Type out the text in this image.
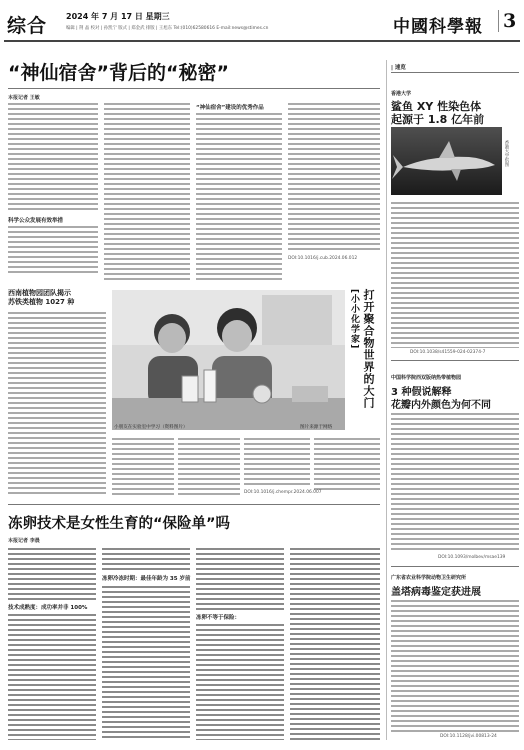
综合 2024 年 7 月 17 日 星期三
编辑 | 荆 晶 校对 | 孙凯宁 版式 | 郑金武 排版 | 王旭东 Tel:(010)62580616 E-mail:news@stimes.cn	中國科學報 3
“神仙宿舍”背后的“秘密”
本报记者 王敏
科学公众发展有效举措
“神仙宿舍”建设的优秀作品
DOI:10.1016/j.cub.2024.06.012
西南植物园团队揭示
苏铁类植物 1027 种
小朋友在实验室中学习（资料图片）	图片来源于网络
[小小化学家] 打开聚合物世界的大门
DOI:10.1016/j.chempr.2024.06.007
冻卵技术是女性生育的“保险单”吗
本报记者 李晨
技术成熟度：成功率并非 100%
冻卵冷冻时期：最佳年龄为 35 岁前
冻卵不等于保险：
| 速览
香港大学
鲨鱼 XY 性染色体
起源于 1.8 亿年前
香港大学供图
DOI:10.1038/s41559-024-02374-7
中国科学院西双版纳热带植物园
3 种假说解释
花瓣内外颜色为何不同
DOI:10.1093/molbev/msae139
广东省农业科学院动物卫生研究所
盖塔病毒鉴定获进展
DOI:10.1128/jvi.00813-24
